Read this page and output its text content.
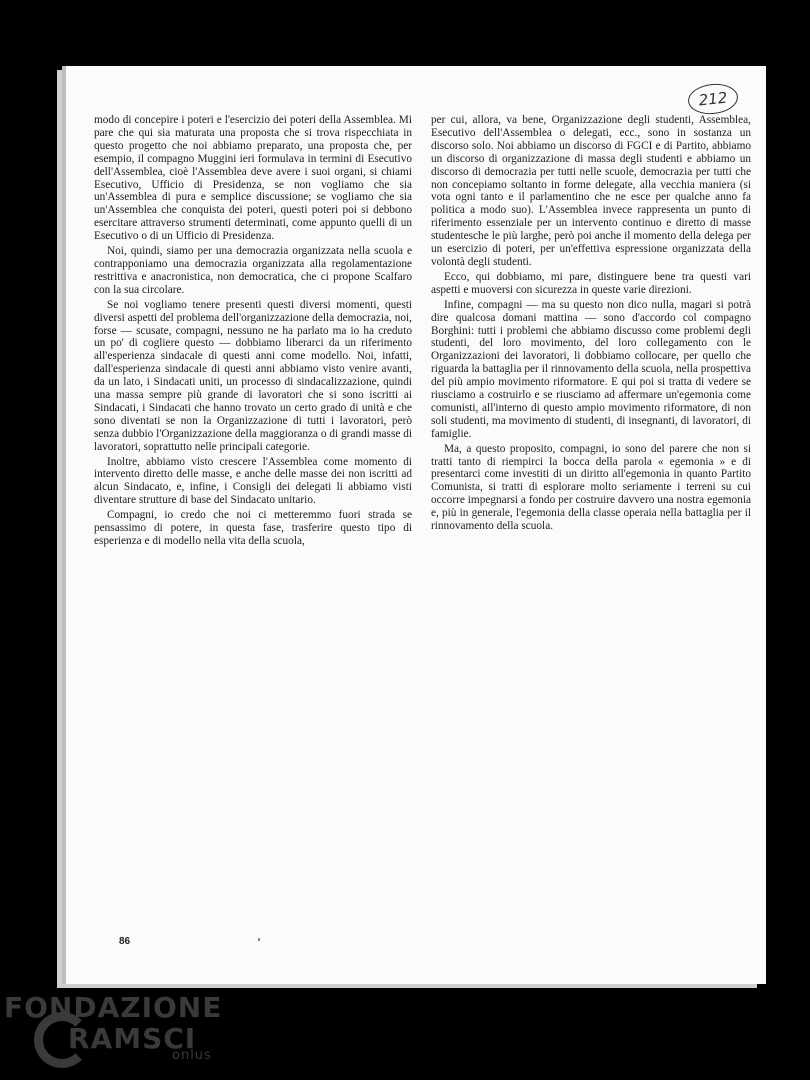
212

modo di concepire i poteri e l'esercizio dei poteri della Assemblea. Mi pare che qui sia maturata una proposta che si trova rispecchiata in questo progetto che noi abbiamo preparato, una proposta che, per esempio, il compagno Muggini ieri formulava in termini di Esecutivo dell'Assemblea, cioè l'Assemblea deve avere i suoi organi, si chiami Esecutivo, Ufficio di Presidenza, se non vogliamo che sia un'Assemblea di pura e semplice discussione; se vogliamo che sia un'Assemblea che conquista dei poteri, questi poteri poi si debbono esercitare attraverso strumenti determinati, come appunto quelli di un Esecutivo o di un Ufficio di Presidenza.

Noi, quindi, siamo per una democrazia organizzata nella scuola e contrapponiamo una democrazia organizzata alla regolamentazione restrittiva e anacronistica, non democratica, che ci propone Scalfaro con la sua circolare.

Se noi vogliamo tenere presenti questi diversi momenti, questi diversi aspetti del problema dell'organizzazione della democrazia, noi, forse — scusate, compagni, nessuno ne ha parlato ma io ha creduto un po' di cogliere questo — dobbiamo liberarci da un riferimento all'esperienza sindacale di questi anni come modello. Noi, infatti, dall'esperienza sindacale di questi anni abbiamo visto venire avanti, da un lato, i Sindacati uniti, un processo di sindacalizzazione, quindi una massa sempre più grande di lavoratori che si sono iscritti ai Sindacati, i Sindacati che hanno trovato un certo grado di unità e che sono diventati se non la Organizzazione di tutti i lavoratori, però senza dubbio l'Organizzazione della maggioranza o di grandi masse di lavoratori, soprattutto nelle principali categorie.

Inoltre, abbiamo visto crescere l'Assemblea come momento di intervento diretto delle masse, e anche delle masse dei non iscritti ad alcun Sindacato, e, infine, i Consigli dei delegati li abbiamo visti diventare strutture di base del Sindacato unitario.

Compagni, io credo che noi ci metteremmo fuori strada se pensassimo di potere, in questa fase, trasferire questo tipo di esperienza e di modello nella vita della scuola,

per cui, allora, va bene, Organizzazione degli studenti, Assemblea, Esecutivo dell'Assemblea o delegati, ecc., sono in sostanza un discorso solo. Noi abbiamo un discorso di FGCI e di Partito, abbiamo un discorso di organizzazione di massa degli studenti e abbiamo un discorso di democrazia per tutti nelle scuole, democrazia per tutti che non concepiamo soltanto in forme delegate, alla vecchia maniera (si vota ogni tanto e il parlamentino che ne esce per qualche anno fa politica a modo suo). L'Assemblea invece rappresenta un punto di riferimento essenziale per un intervento continuo e diretto di masse studentesche le più larghe, però poi anche il momento della delega per un esercizio di poteri, per un'effettiva espressione organizzata della volontà degli studenti.

Ecco, qui dobbiamo, mi pare, distinguere bene tra questi vari aspetti e muoversi con sicurezza in queste varie direzioni.

Infine, compagni — ma su questo non dico nulla, magari si potrà dire qualcosa domani mattina — sono d'accordo col compagno Borghini: tutti i problemi che abbiamo discusso come problemi degli studenti, del loro movimento, del loro collegamento con le Organizzazioni dei lavoratori, li dobbiamo collocare, per quello che riguarda la battaglia per il rinnovamento della scuola, nella prospettiva del più ampio movimento riformatore. E qui poi si tratta di vedere se riusciamo a costruirlo e se riusciamo ad affermare un'egemonia come comunisti, all'interno di questo ampio movimento riformatore, di non soli studenti, ma movimento di studenti, di insegnanti, di lavoratori, di famiglie.

Ma, a questo proposito, compagni, io sono del parere che non si tratti tanto di riempirci la bocca della parola « egemonia » e di presentarci come investiti di un diritto all'egemonia in quanto Partito Comunista, si tratti di esplorare molto seriamente i terreni su cui occorre impegnarsi a fondo per costruire davvero una nostra egemonia e, più in generale, l'egemonia della classe operaia nella battaglia per il rinnovamento della scuola.

86
FONDAZIONE
RAMSCI
onlus
